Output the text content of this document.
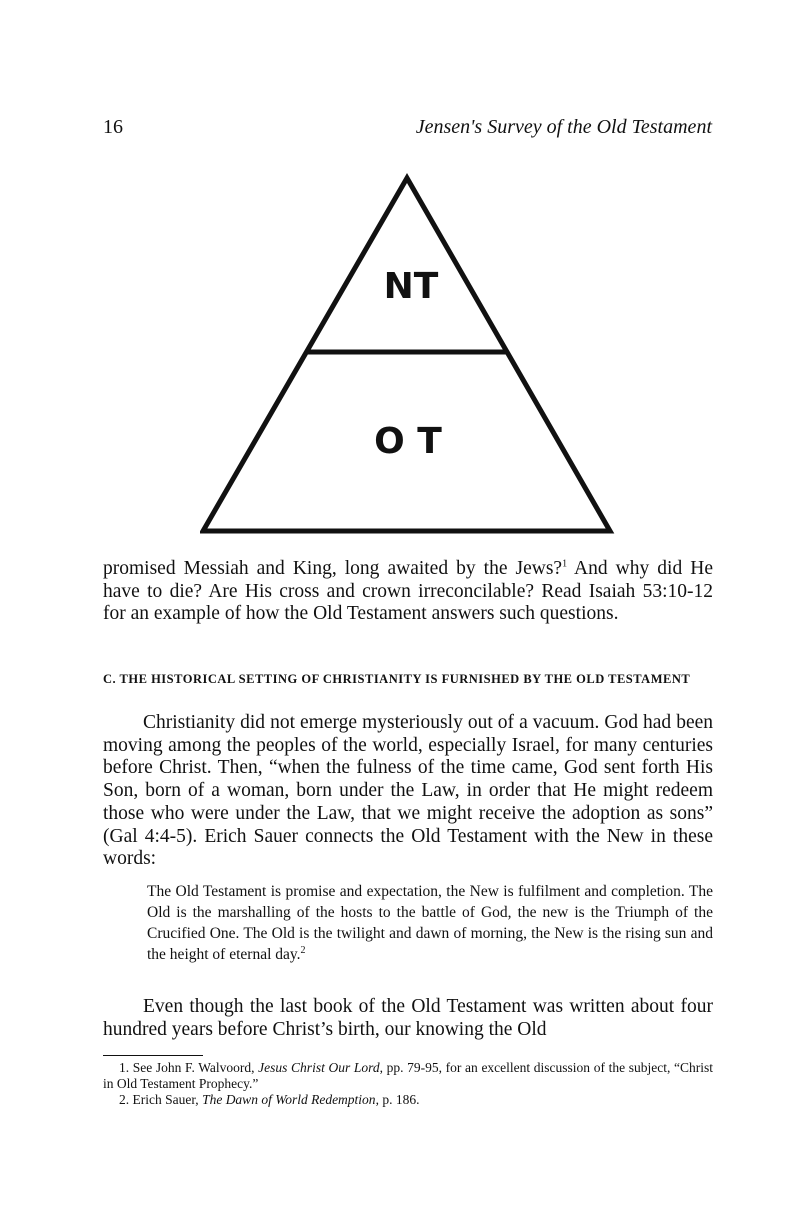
16	Jensen's Survey of the Old Testament

NT
O T

promised Messiah and King, long awaited by the Jews?$^1$ And why did He have to die? Are His cross and crown irreconcilable? Read Isaiah 53:10-12 for an example of how the Old Testament answers such questions.

C. THE HISTORICAL SETTING OF CHRISTIANITY IS FURNISHED BY THE OLD TESTAMENT

Christianity did not emerge mysteriously out of a vacuum. God had been moving among the peoples of the world, especially Israel, for many centuries before Christ. Then, “when the fulness of the time came, God sent forth His Son, born of a woman, born under the Law, in order that He might redeem those who were under the Law, that we might receive the adoption as sons” (Gal 4:4-5). Erich Sauer connects the Old Testament with the New in these words:

The Old Testament is promise and expectation, the New is fulfilment and completion. The Old is the marshalling of the hosts to the battle of God, the new is the Triumph of the Crucified One. The Old is the twilight and dawn of morning, the New is the rising sun and the height of eternal day.$^2$

Even though the last book of the Old Testament was written about four hundred years before Christ’s birth, our knowing the Old

1. See John F. Walvoord, Jesus Christ Our Lord, pp. 79-95, for an excellent discussion of the subject, “Christ in Old Testament Prophecy.”

2. Erich Sauer, The Dawn of World Redemption, p. 186.
